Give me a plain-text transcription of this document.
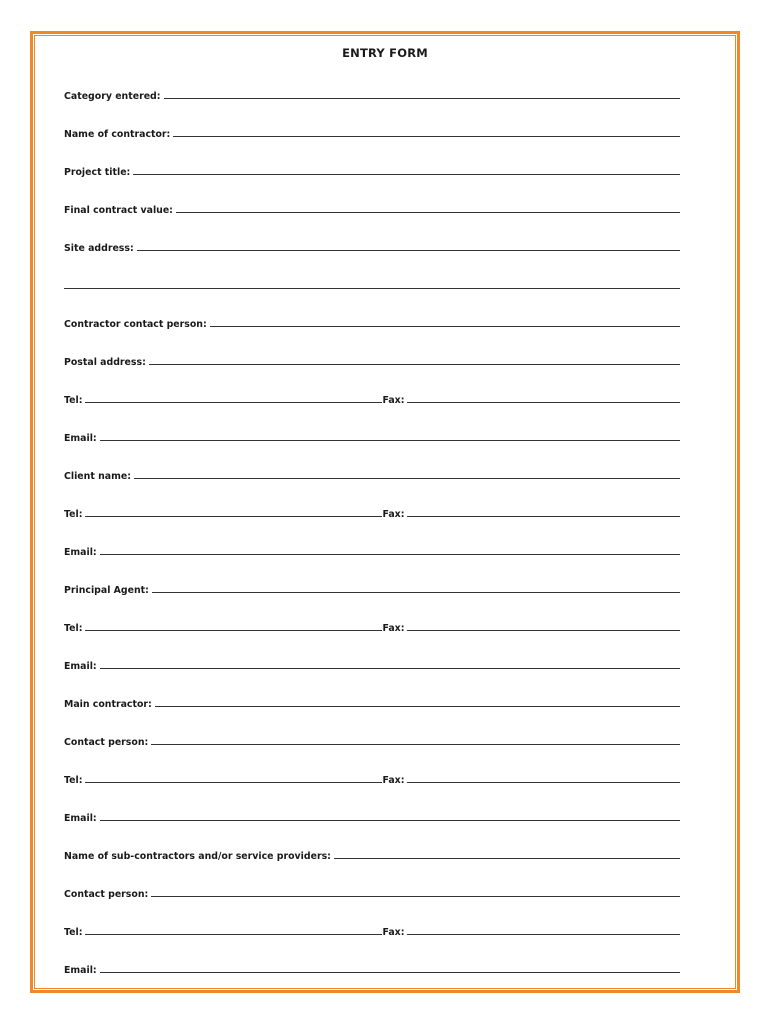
ENTRY FORM
Category entered:
Name of contractor:
Project title:
Final contract value:
Site address:
Contractor contact person:
Postal address:
Tel:	Fax:
Email:
Client name:
Tel:	Fax:
Email:
Principal Agent:
Tel:	Fax:
Email:
Main contractor:
Contact person:
Tel:	Fax:
Email:
Name of sub-contractors and/or service providers:
Contact person:
Tel:	Fax:
Email:
